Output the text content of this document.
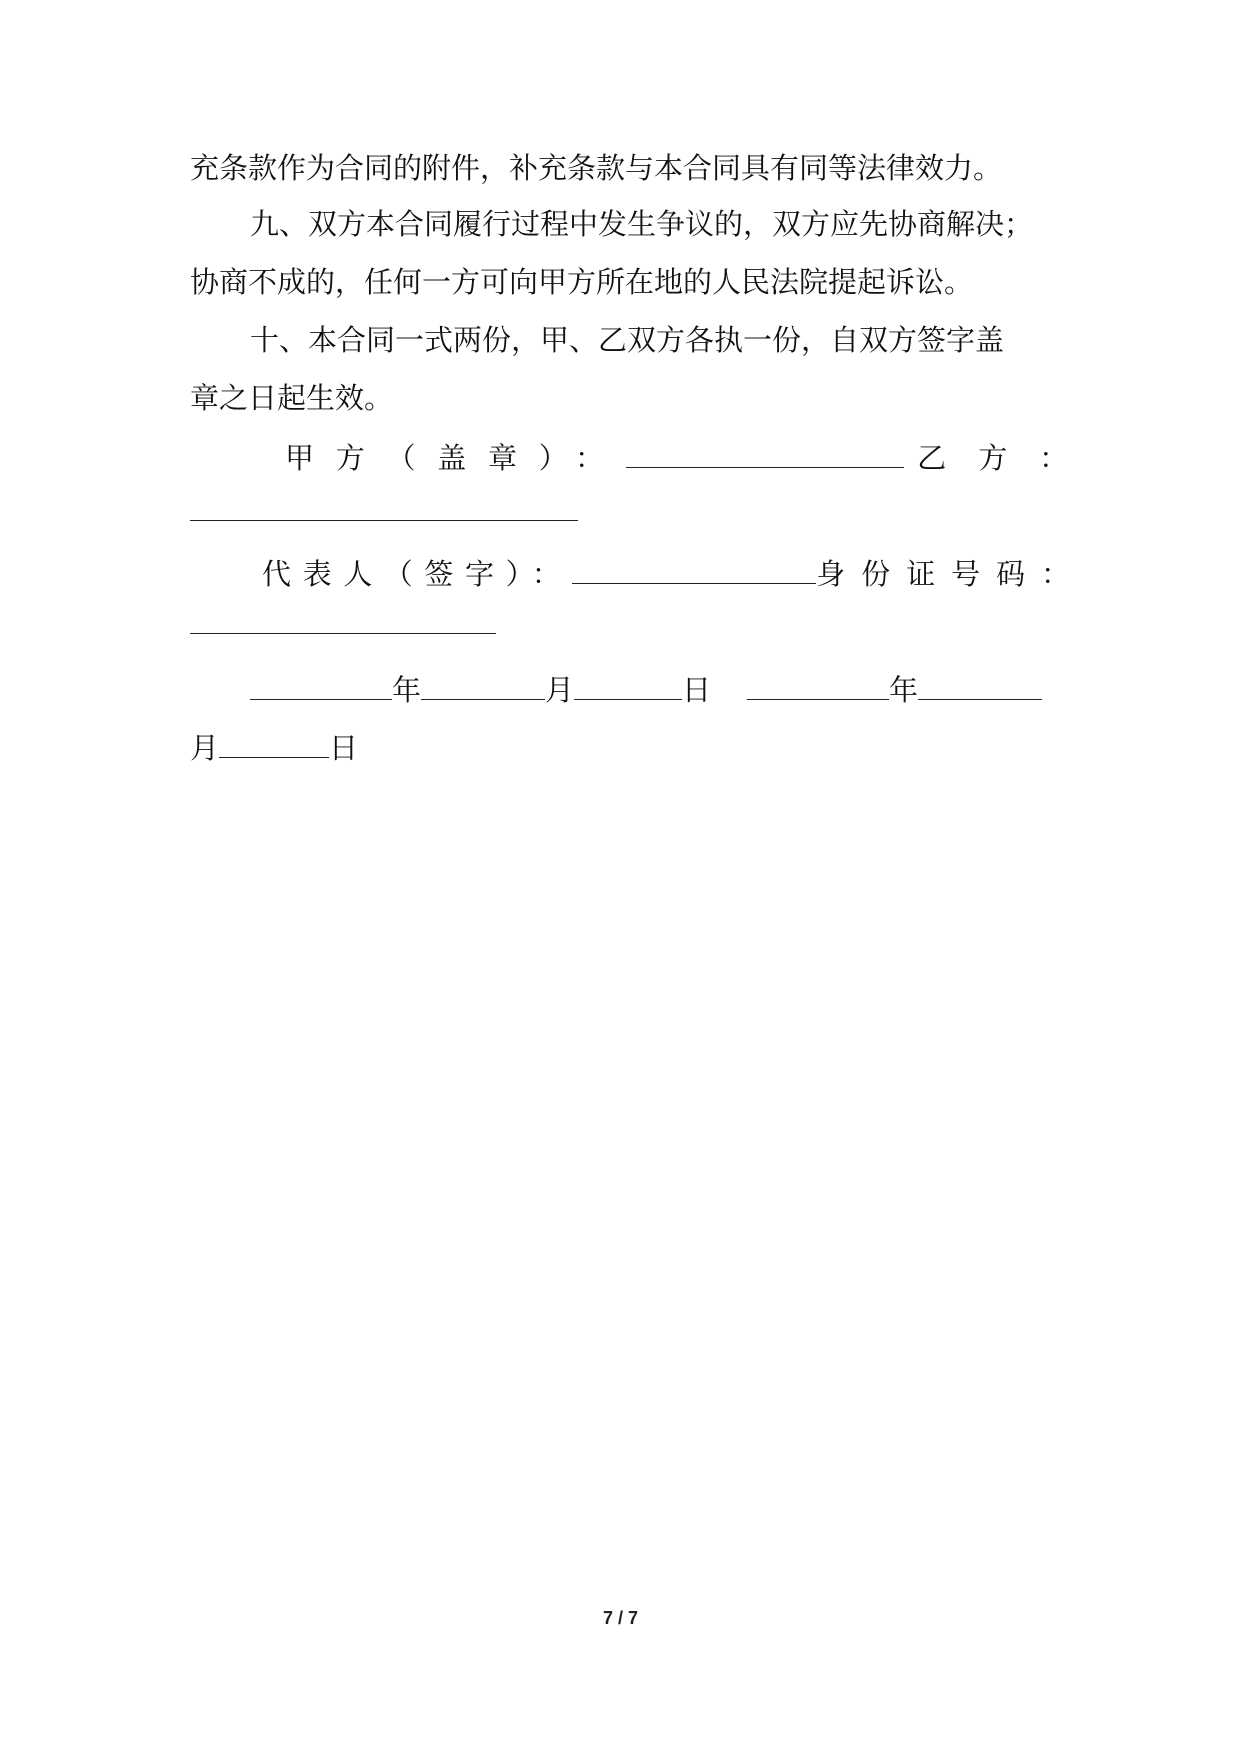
充条款作为合同的附件，补充条款与本合同具有同等法律效力。
九、双方本合同履行过程中发生争议的，双方应先协商解决；
协商不成的，任何一方可向甲方所在地的人民法院提起诉讼。
十、本合同一式两份，甲、乙双方各执一份，自双方签字盖
章之日起生效。
甲方（盖章）：	乙方：
代表人（签字）：	身份证号码：
年	月	日	年
月	日
7 / 7
